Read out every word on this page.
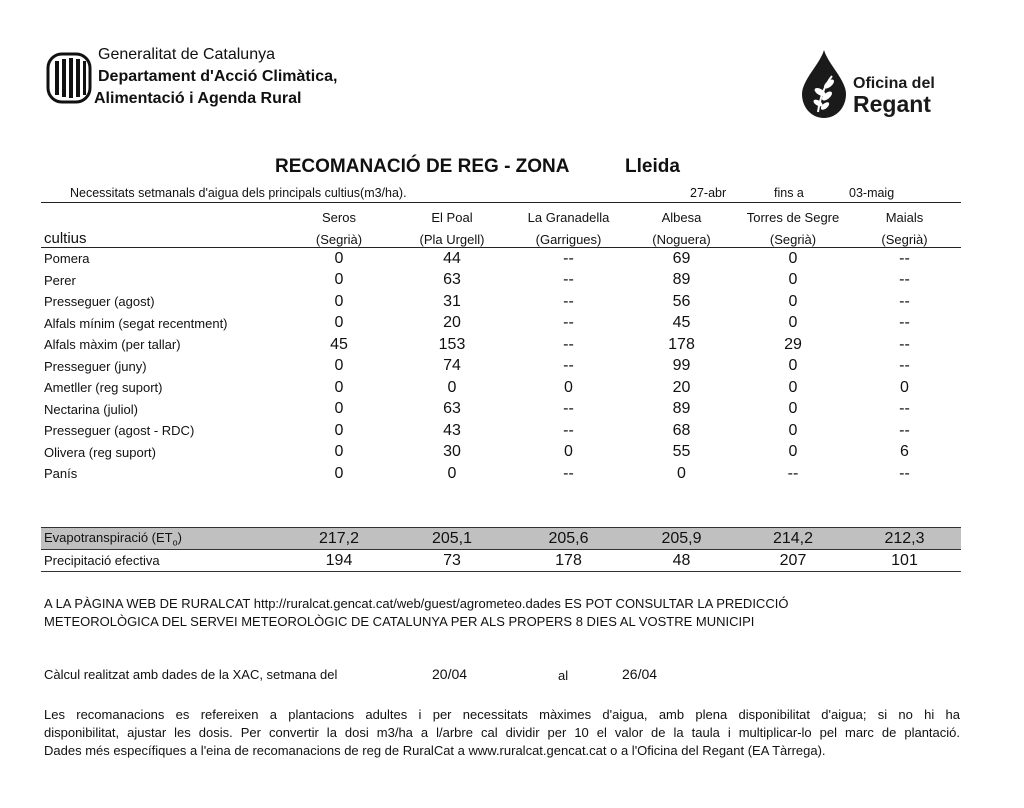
Generalitat de Catalunya
Departament d'Acció Climàtica,
Alimentació i Agenda Rural
Oficina del
Regant
RECOMANACIÓ DE REG - ZONA	Lleida
Necessitats setmanals d'aigua dels principals cultius(m3/ha).	27-abr	fins a	03-maig
	Seros	El Poal	La Granadella	Albesa	Torres de Segre	Maials
cultius	(Segrià)	(Pla Urgell)	(Garrigues)	(Noguera)	(Segrià)	(Segrià)
Pomera	0	44	--	69	0	--
Perer	0	63	--	89	0	--
Presseguer (agost)	0	31	--	56	0	--
Alfals mínim (segat recentment)	0	20	--	45	0	--
Alfals màxim (per tallar)	45	153	--	178	29	--
Presseguer (juny)	0	74	--	99	0	--
Ametller (reg suport)	0	0	0	20	0	0
Nectarina (juliol)	0	63	--	89	0	--
Presseguer (agost - RDC)	0	43	--	68	0	--
Olivera (reg suport)	0	30	0	55	0	6
Panís	0	0	--	0	--	--
Evapotranspiració $(ET_o)$	217,2	205,1	205,6	205,9	214,2	212,3
Precipitació efectiva	194	73	178	48	207	101
A LA PÀGINA WEB DE RURALCAT http://ruralcat.gencat.cat/web/guest/agrometeo.dades ES POT CONSULTAR LA PREDICCIÓ
METEOROLÒGICA DEL SERVEI METEOROLÒGIC DE CATALUNYA PER ALS PROPERS 8 DIES AL VOSTRE MUNICIPI
Càlcul realitzat amb dades de la XAC, setmana del	20/04	al	26/04
Les recomanacions es refereixen a plantacions adultes i per necessitats màximes d'aigua, amb plena disponibilitat d'aigua; si no hi ha
disponibilitat, ajustar les dosis. Per convertir la dosi m3/ha a l/arbre cal dividir per 10 el valor de la taula i multiplicar-lo pel marc de plantació.
Dades més específiques a l'eina de recomanacions de reg de RuralCat a www.ruralcat.gencat.cat o a l'Oficina del Regant (EA Tàrrega).
